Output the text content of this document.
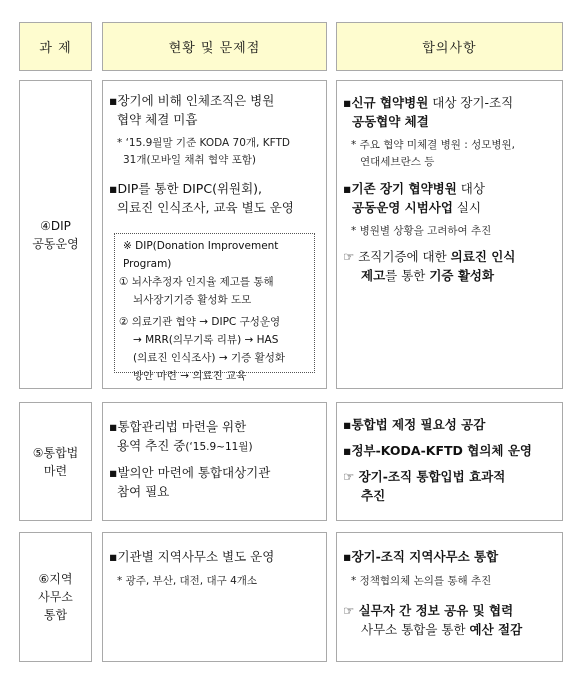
과 제	현황 및 문제점	합의사항
④DIP
공동운영
▪장기에 비해 인체조직은 병원
협약 체결 미흡
* ‘15.9월말 기준 KODA 70개, KFTD
31개(모바일 채취 협약 포함)
▪DIP를 통한 DIPC(위원회),
의료진 인식조사, 교육 별도 운영
※ DIP(Donation Improvement Program)
① 뇌사추정자 인지율 제고를 통해
뇌사장기기증 활성화 도모
② 의료기관 협약 → DIPC 구성운영
→ MRR(의무기록 리뷰) → HAS
(의료진 인식조사) → 기증 활성화
방안 마련 → 의료진 교육
▪신규 협약병원 대상 장기-조직
공동협약 체결
* 주요 협약 미체결 병원 : 성모병원,
연대세브란스 등
▪기존 장기 협약병원 대상
공동운영 시범사업 실시
* 병원별 상황을 고려하여 추진
☞ 조직기증에 대한 의료진 인식
제고를 통한 기증 활성화
⑤통합법
마련
▪통합관리법 마련을 위한
용역 추진 중(‘15.9~11월)
▪발의안 마련에 통합대상기관
참여 필요
▪통합법 제정 필요성 공감
▪정부-KODA-KFTD 협의체 운영
☞ 장기-조직 통합입법 효과적
추진
⑥지역
사무소
통합
▪기관별 지역사무소 별도 운영
* 광주, 부산, 대전, 대구 4개소
▪장기-조직 지역사무소 통합
* 정책협의체 논의를 통해 추진
☞ 실무자 간 정보 공유 및 협력
사무소 통합을 통한 예산 절감
